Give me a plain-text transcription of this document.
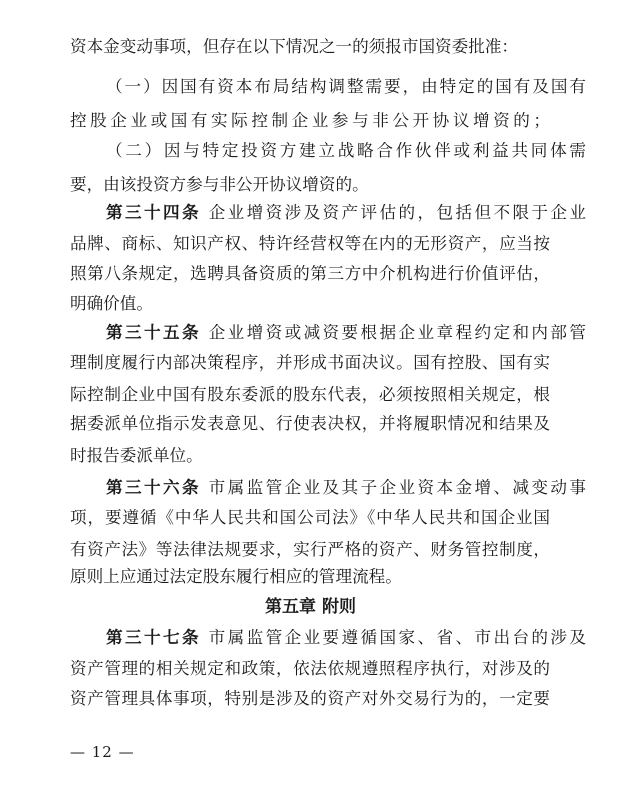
资本金变动事项，但存在以下情况之一的须报市国资委批准：
（一）因国有资本布局结构调整需要，由特定的国有及国有
控股企业或国有实际控制企业参与非公开协议增资的；
（二）因与特定投资方建立战略合作伙伴或利益共同体需
要，由该投资方参与非公开协议增资的。
第三十四条 企业增资涉及资产评估的，包括但不限于企业
品牌、商标、知识产权、特许经营权等在内的无形资产，应当按
照第八条规定，选聘具备资质的第三方中介机构进行价值评估，
明确价值。
第三十五条 企业增资或减资要根据企业章程约定和内部管
理制度履行内部决策程序，并形成书面决议。国有控股、国有实
际控制企业中国有股东委派的股东代表，必须按照相关规定，根
据委派单位指示发表意见、行使表决权，并将履职情况和结果及
时报告委派单位。
第三十六条 市属监管企业及其子企业资本金增、减变动事
项，要遵循《中华人民共和国公司法》《中华人民共和国企业国
有资产法》等法律法规要求，实行严格的资产、财务管控制度，
原则上应通过法定股东履行相应的管理流程。
第五章 附则
第三十七条 市属监管企业要遵循国家、省、市出台的涉及
资产管理的相关规定和政策，依法依规遵照程序执行，对涉及的
资产管理具体事项，特别是涉及的资产对外交易行为的，一定要
— 12 —
